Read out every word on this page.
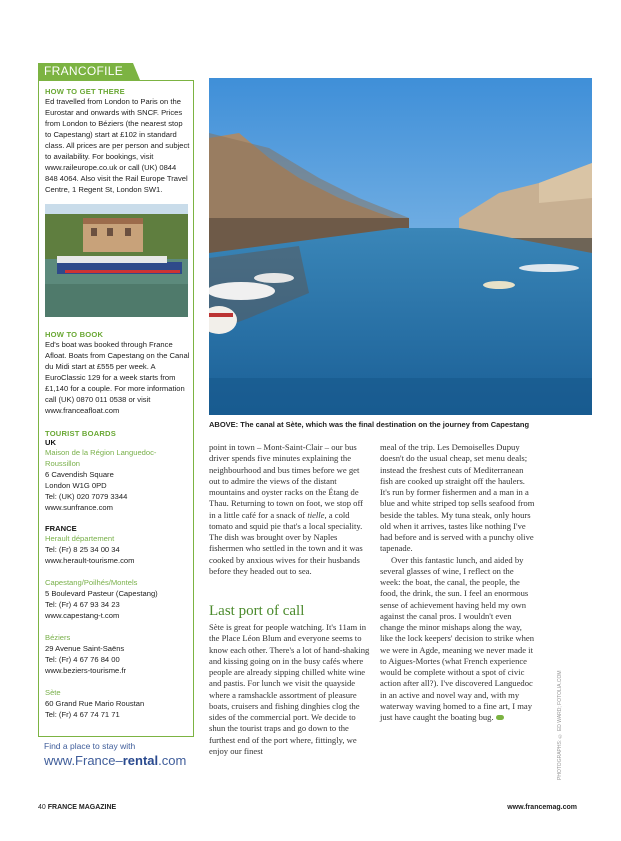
FRANCOFILE
HOW TO GET THERE
Ed travelled from London to Paris on the Eurostar and onwards with SNCF. Prices from London to Béziers (the nearest stop to Capestang) start at £102 in standard class. All prices are per person and subject to availability. For bookings, visit www.raileurope.co.uk or call (UK) 0844 848 4064. Also visit the Rail Europe Travel Centre, 1 Regent St, London SW1.
HOW TO BOOK
Ed's boat was booked through France Afloat. Boats from Capestang on the Canal du Midi start at £555 per week. A EuroClassic 129 for a week starts from £1,140 for a couple. For more information call (UK) 0870 011 0538 or visit www.franceafloat.com
TOURIST BOARDS
UK
Maison de la Région Languedoc-Roussillon
6 Cavendish Square
London W1G 0PD
Tel: (UK) 020 7079 3344
www.sunfrance.com
FRANCE
Herault département
Tel: (Fr) 8 25 34 00 34
www.herault-tourisme.com
Capestang/Poilhés/Montels
5 Boulevard Pasteur (Capestang)
Tel: (Fr) 4 67 93 34 23
www.capestang-t.com
Béziers
29 Avenue Saint-Saëns
Tel: (Fr) 4 67 76 84 00
www.beziers-tourisme.fr
Sète
60 Grand Rue Mario Roustan
Tel: (Fr) 4 67 74 71 71
Find a place to stay with
www.France–rental.com
ABOVE: The canal at Sète, which was the final destination on the journey from Capestang

point in town – Mont-Saint-Clair – our bus driver spends five minutes explaining the neighbourhood and bus times before we get out to admire the views of the distant mountains and oyster racks on the Étang de Thau. Returning to town on foot, we stop off in a little café for a snack of tielle, a cold tomato and squid pie that's a local speciality. The dish was brought over by Naples fishermen who settled in the town and it was cooked by anxious wives for their husbands before they headed out to sea.

Last port of call

Sète is great for people watching. It's 11am in the Place Léon Blum and everyone seems to know each other. There's a lot of hand-shaking and kissing going on in the busy cafés where people are already sipping chilled white wine and pastis. For lunch we visit the quayside where a ramshackle assortment of pleasure boats, cruisers and fishing dinghies clog the sides of the commercial port. We decide to shun the tourist traps and go down to the furthest end of the port where, fittingly, we enjoy our finest

meal of the trip. Les Demoiselles Dupuy doesn't do the usual cheap, set menu deals; instead the freshest cuts of Mediterranean fish are cooked up straight off the haulers. It's run by former fishermen and a man in a blue and white striped top sells seafood from beside the tables. My tuna steak, only hours old when it arrives, tastes like nothing I've had before and is served with a punchy olive tapenade.

Over this fantastic lunch, and aided by several glasses of wine, I reflect on the week: the boat, the canal, the people, the food, the drink, the sun. I feel an enormous sense of achievement having held my own against the canal pros. I wouldn't even change the minor mishaps along the way, like the lock keepers' decision to strike when we were in Agde, meaning we never made it to Aigues-Mortes (what French experience would be complete without a spot of civic action after all?). I've discovered Languedoc in an active and novel way and, with my waterway waving homed to a fine art, I may just have caught the boating bug.	PHOTOGRAPHS: © ED WARD; FOTOLIA.COM
40 FRANCE MAGAZINE	www.francemag.com
